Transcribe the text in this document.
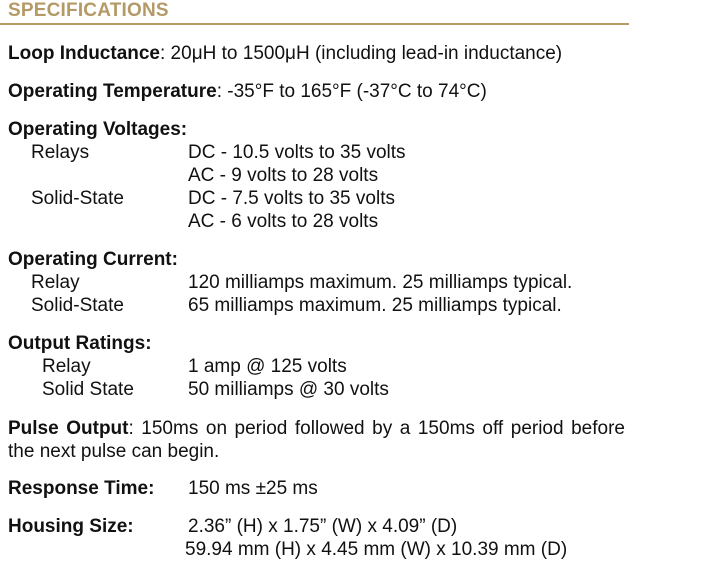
SPECIFICATIONS
Loop Inductance: 20μH to 1500μH (including lead-in inductance)
Operating Temperature: -35°F to 165°F (-37°C to 74°C)
Operating Voltages:
Relays	DC - 10.5 volts to 35 volts
AC - 9 volts to 28 volts
Solid-State	DC - 7.5 volts to 35 volts
AC - 6 volts to 28 volts
Operating Current:
Relay	120 milliamps maximum. 25 milliamps typical.
Solid-State	65 milliamps maximum. 25 milliamps typical.
Output Ratings:
Relay	1 amp @ 125 volts
Solid State	50 milliamps @ 30 volts
Pulse Output: 150ms on period followed by a 150ms off period before the next pulse can begin.
Response Time: 150 ms ±25 ms
Housing Size:	2.36” (H) x 1.75” (W) x 4.09” (D)
59.94 mm (H) x 4.45 mm (W) x 10.39 mm (D)
